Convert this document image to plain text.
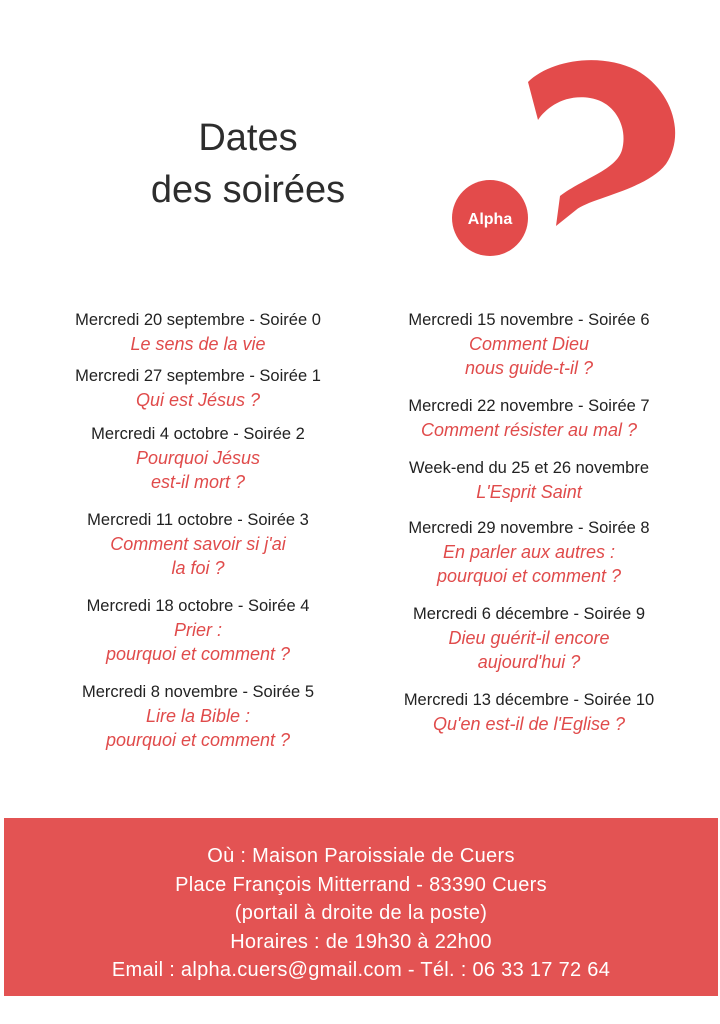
Dates
des soirées
Alpha
Mercredi 20 septembre - Soirée 0
Le sens de la vie
Mercredi 27 septembre - Soirée 1
Qui est Jésus ?
Mercredi 4 octobre - Soirée 2
Pourquoi Jésus
est-il mort ?
Mercredi 11 octobre - Soirée 3
Comment savoir si j'ai
la foi ?
Mercredi 18 octobre - Soirée 4
Prier :
pourquoi et comment ?
Mercredi 8 novembre - Soirée 5
Lire la Bible :
pourquoi et comment ?
Mercredi 15 novembre - Soirée 6
Comment Dieu
nous guide-t-il ?
Mercredi 22 novembre - Soirée 7
Comment résister au mal ?
Week-end du 25 et 26 novembre
L'Esprit Saint
Mercredi 29 novembre - Soirée 8
En parler aux autres :
pourquoi et comment ?
Mercredi 6 décembre - Soirée 9
Dieu guérit-il encore
aujourd'hui ?
Mercredi 13 décembre - Soirée 10
Qu'en est-il de l'Eglise ?
Où : Maison Paroissiale de Cuers
Place François Mitterrand - 83390 Cuers
(portail à droite de la poste)
Horaires : de 19h30 à 22h00
Email : alpha.cuers@gmail.com - Tél. : 06 33 17 72 64
